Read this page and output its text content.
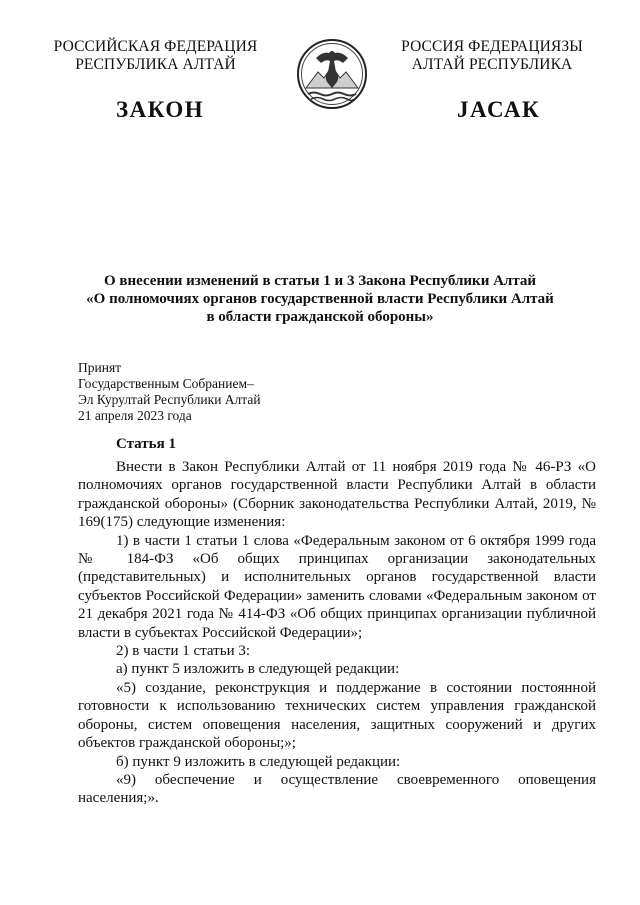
РОССИЙСКАЯ ФЕДЕРАЦИЯ
РЕСПУБЛИКА АЛТАЙ
РОССИЯ ФЕДЕРАЦИЯЗЫ
АЛТАЙ РЕСПУБЛИКА
ЗАКОН	ЈАСАК
О внесении изменений в статьи 1 и 3 Закона Республики Алтай
«О полномочиях органов государственной власти Республики Алтай
в области гражданской обороны»
Принят
Государственным Собранием–
Эл Курултай Республики Алтай
21 апреля 2023 года
Статья 1

Внести в Закон Республики Алтай от 11 ноября 2019 года № 46-РЗ «О полномочиях органов государственной власти Республики Алтай в области гражданской обороны» (Сборник законодательства Республики Алтай, 2019, № 169(175) следующие изменения:

1) в части 1 статьи 1 слова «Федеральным законом от 6 октября 1999 года № 184-ФЗ «Об общих принципах организации законодательных (представительных) и исполнительных органов государственной власти субъектов Российской Федерации» заменить словами «Федеральным законом от 21 декабря 2021 года № 414-ФЗ «Об общих принципах организации публичной власти в субъектах Российской Федерации»;

2) в части 1 статьи 3:

а) пункт 5 изложить в следующей редакции:

«5) создание, реконструкция и поддержание в состоянии постоянной готовности к использованию технических систем управления гражданской обороны, систем оповещения населения, защитных сооружений и других объектов гражданской обороны;»;

б) пункт 9 изложить в следующей редакции:

«9) обеспечение и осуществление своевременного оповещения населения;».
